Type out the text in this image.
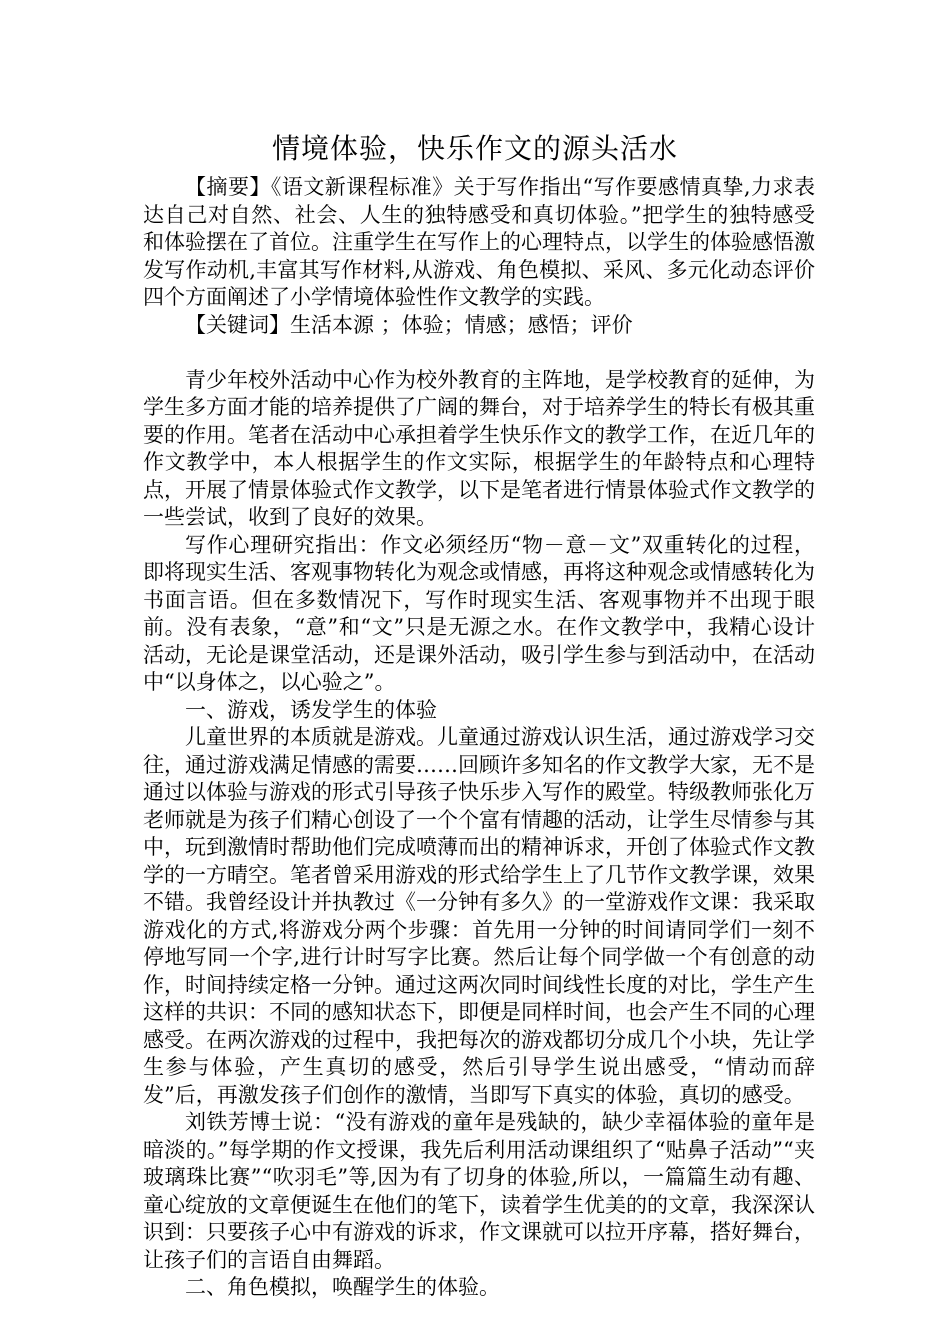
情境体验，快乐作文的源头活水

【摘要】《语文新课程标准》关于写作指出“写作要感情真挚,力求表达自己对自然、社会、人生的独特感受和真切体验。”把学生的独特感受和体验摆在了首位。注重学生在写作上的心理特点，以学生的体验感悟激发写作动机,丰富其写作材料,从游戏、角色模拟、采风、多元化动态评价四个方面阐述了小学情境体验性作文教学的实践。

【关键词】生活本源 ；体验；情感；感悟；评价

青少年校外活动中心作为校外教育的主阵地，是学校教育的延伸，为学生多方面才能的培养提供了广阔的舞台，对于培养学生的特长有极其重要的作用。笔者在活动中心承担着学生快乐作文的教学工作，在近几年的作文教学中，本人根据学生的作文实际，根据学生的年龄特点和心理特点，开展了情景体验式作文教学，以下是笔者进行情景体验式作文教学的一些尝试，收到了良好的效果。

写作心理研究指出：作文必须经历“物－意－文”双重转化的过程，即将现实生活、客观事物转化为观念或情感，再将这种观念或情感转化为书面言语。但在多数情况下，写作时现实生活、客观事物并不出现于眼前。没有表象，“意”和“文”只是无源之水。在作文教学中，我精心设计活动，无论是课堂活动，还是课外活动，吸引学生参与到活动中，在活动中“以身体之，以心验之”。

一、游戏，诱发学生的体验

儿童世界的本质就是游戏。儿童通过游戏认识生活，通过游戏学习交往，通过游戏满足情感的需要……回顾许多知名的作文教学大家，无不是通过以体验与游戏的形式引导孩子快乐步入写作的殿堂。特级教师张化万老师就是为孩子们精心创设了一个个富有情趣的活动，让学生尽情参与其中，玩到激情时帮助他们完成喷薄而出的精神诉求，开创了体验式作文教学的一方晴空。笔者曾采用游戏的形式给学生上了几节作文教学课，效果不错。我曾经设计并执教过《一分钟有多久》的一堂游戏作文课：我采取游戏化的方式,将游戏分两个步骤：首先用一分钟的时间请同学们一刻不停地写同一个字,进行计时写字比赛。然后让每个同学做一个有创意的动作，时间持续定格一分钟。通过这两次同时间线性长度的对比，学生产生这样的共识：不同的感知状态下，即便是同样时间，也会产生不同的心理感受。在两次游戏的过程中，我把每次的游戏都切分成几个小块，先让学生参与体验，产生真切的感受，然后引导学生说出感受，“情动而辞发”后，再激发孩子们创作的激情，当即写下真实的体验，真切的感受。

刘铁芳博士说：“没有游戏的童年是残缺的，缺少幸福体验的童年是暗淡的。”每学期的作文授课，我先后利用活动课组织了“贴鼻子活动”“夹玻璃珠比赛”“吹羽毛”等,因为有了切身的体验,所以，一篇篇生动有趣、童心绽放的文章便诞生在他们的笔下，读着学生优美的的文章，我深深认识到：只要孩子心中有游戏的诉求，作文课就可以拉开序幕，搭好舞台，让孩子们的言语自由舞蹈。

二、角色模拟，唤醒学生的体验。
